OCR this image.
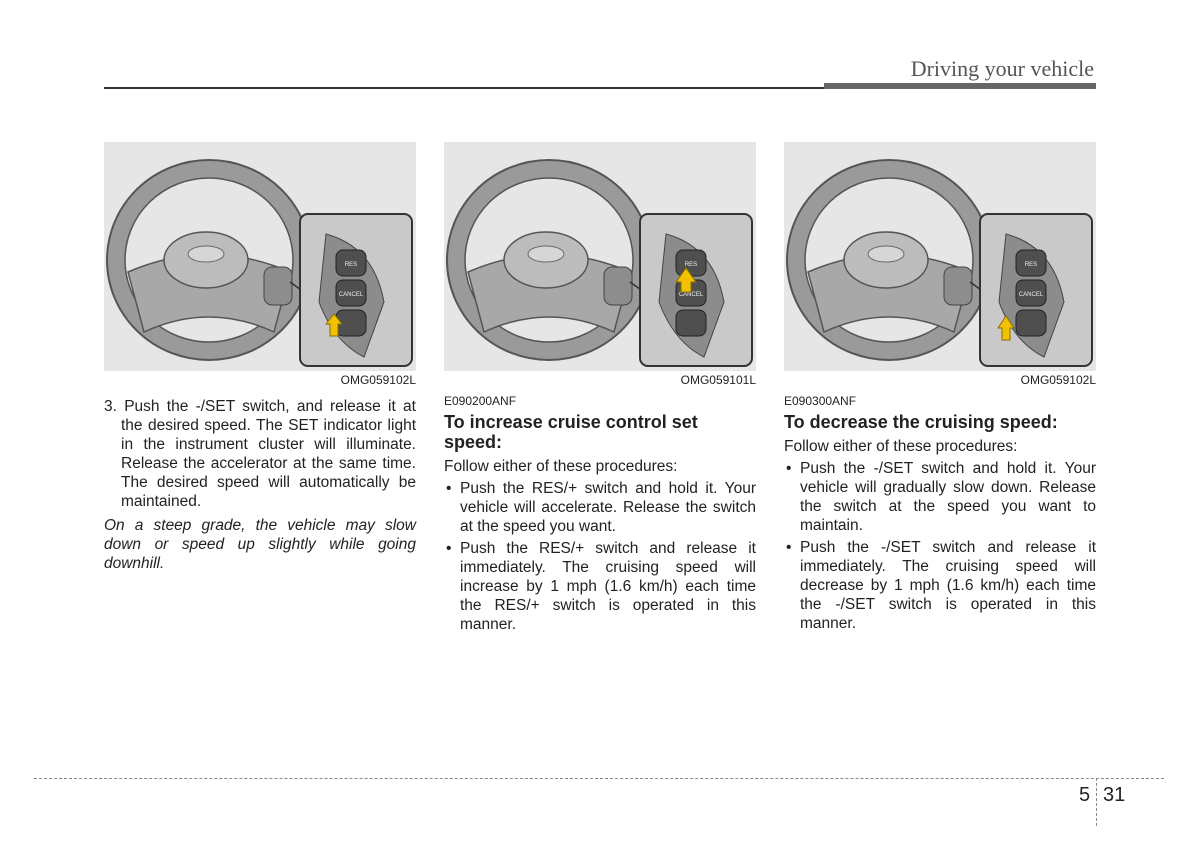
Driving your vehicle
RES
CANCEL
OMG059102L
3. Push the -/SET switch, and release it at the desired speed. The SET indicator light in the instrument cluster will illuminate. Release the accelerator at the same time. The desired speed will automatically be maintained.
On a steep grade, the vehicle may slow down or speed up slightly while going downhill.
RES
CANCEL
OMG059101L
E090200ANF
To increase cruise control set speed:
Follow either of these procedures:
• Push the RES/+ switch and hold it. Your vehicle will accelerate. Release the switch at the speed you want.
• Push the RES/+ switch and release it immediately. The cruising speed will increase by 1 mph (1.6 km/h) each time the RES/+ switch is operated in this manner.
RES
CANCEL
OMG059102L
E090300ANF
To decrease the cruising speed:
Follow either of these procedures:
• Push the -/SET switch and hold it. Your vehicle will gradually slow down. Release the switch at the speed you want to maintain.
• Push the -/SET switch and release it immediately. The cruising speed will decrease by 1 mph (1.6 km/h) each time the -/SET switch is operated in this manner.
5 31
